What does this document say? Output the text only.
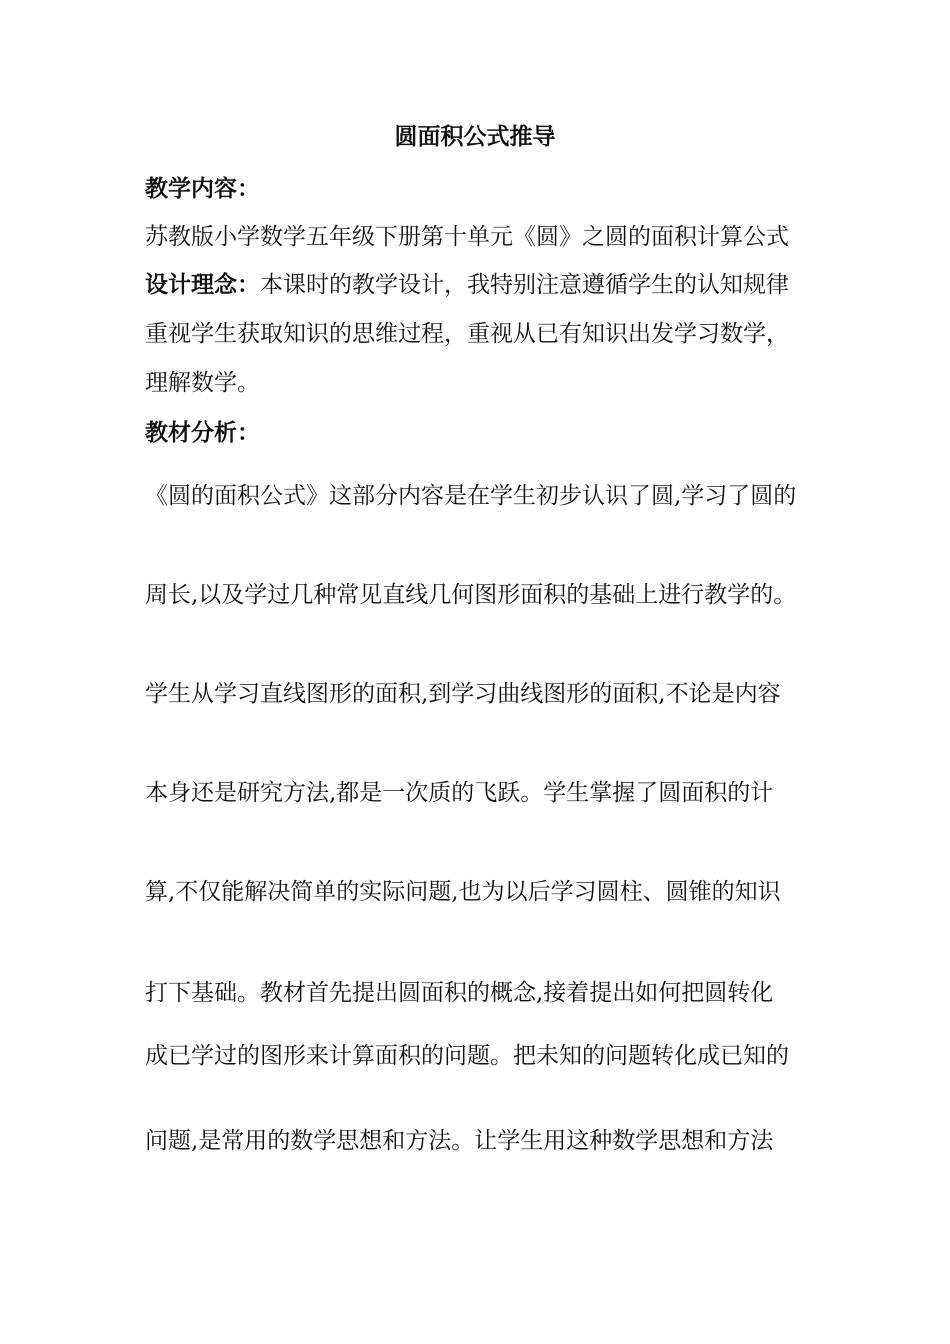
圆面积公式推导
教学内容：
苏教版小学数学五年级下册第十单元《圆》之圆的面积计算公式
设计理念：本课时的教学设计，我特别注意遵循学生的认知规律
重视学生获取知识的思维过程，重视从已有知识出发学习数学，
理解数学。
教材分析：
《圆的面积公式》这部分内容是在学生初步认识了圆,学习了圆的
周长,以及学过几种常见直线几何图形面积的基础上进行教学的。
学生从学习直线图形的面积,到学习曲线图形的面积,不论是内容
本身还是研究方法,都是一次质的飞跃。学生掌握了圆面积的计
算,不仅能解决简单的实际问题,也为以后学习圆柱、圆锥的知识
打下基础。教材首先提出圆面积的概念,接着提出如何把圆转化
成已学过的图形来计算面积的问题。把未知的问题转化成已知的
问题,是常用的数学思想和方法。让学生用这种数学思想和方法
